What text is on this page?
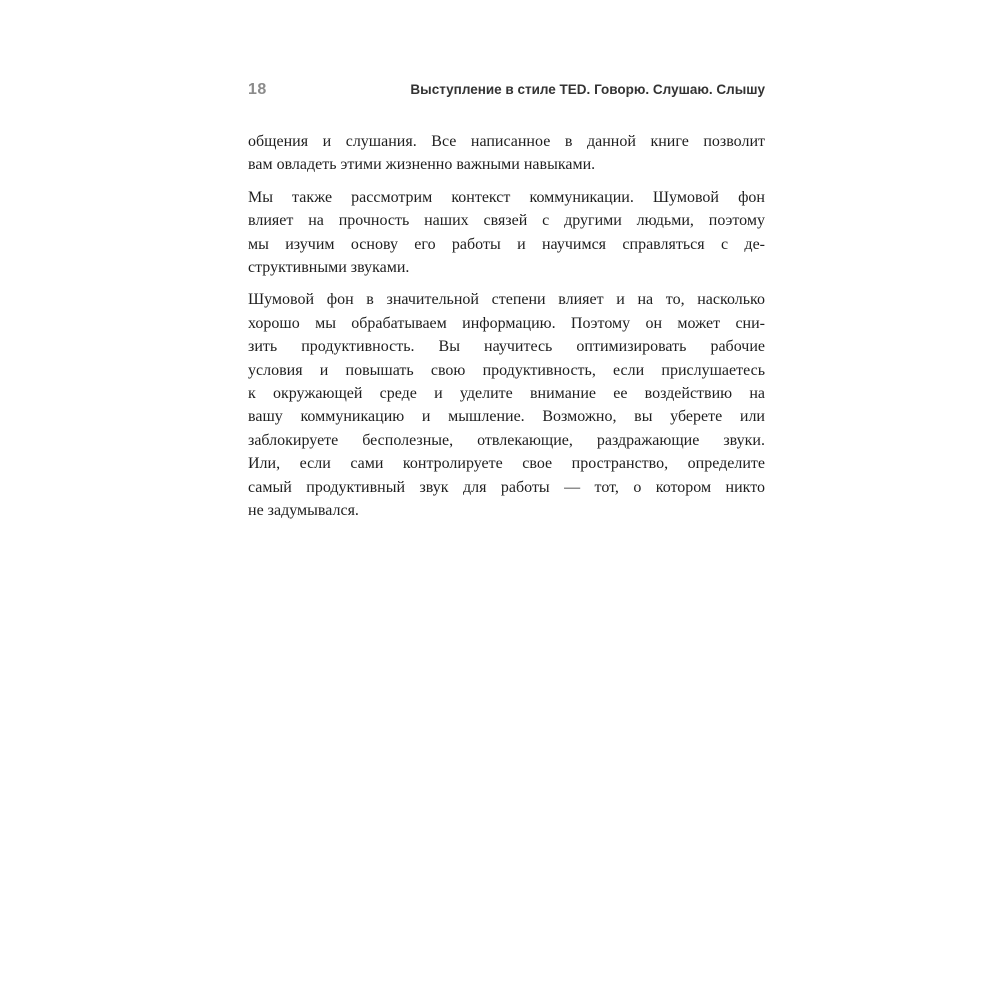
18	Выступление в стиле TED. Говорю. Слушаю. Слышу
общения и слушания. Все написанное в данной книге позволит
вам овладеть этими жизненно важными навыками.
Мы также рассмотрим контекст коммуникации. Шумовой фон
влияет на прочность наших связей с другими людьми, поэтому
мы изучим основу его работы и научимся справляться с де-
структивными звуками.
Шумовой фон в значительной степени влияет и на то, насколько
хорошо мы обрабатываем информацию. Поэтому он может сни-
зить продуктивность. Вы научитесь оптимизировать рабочие
условия и повышать свою продуктивность, если прислушаетесь
к окружающей среде и уделите внимание ее воздействию на
вашу коммуникацию и мышление. Возможно, вы уберете или
заблокируете бесполезные, отвлекающие, раздражающие звуки.
Или, если сами контролируете свое пространство, определите
самый продуктивный звук для работы — тот, о котором никто
не задумывался.
